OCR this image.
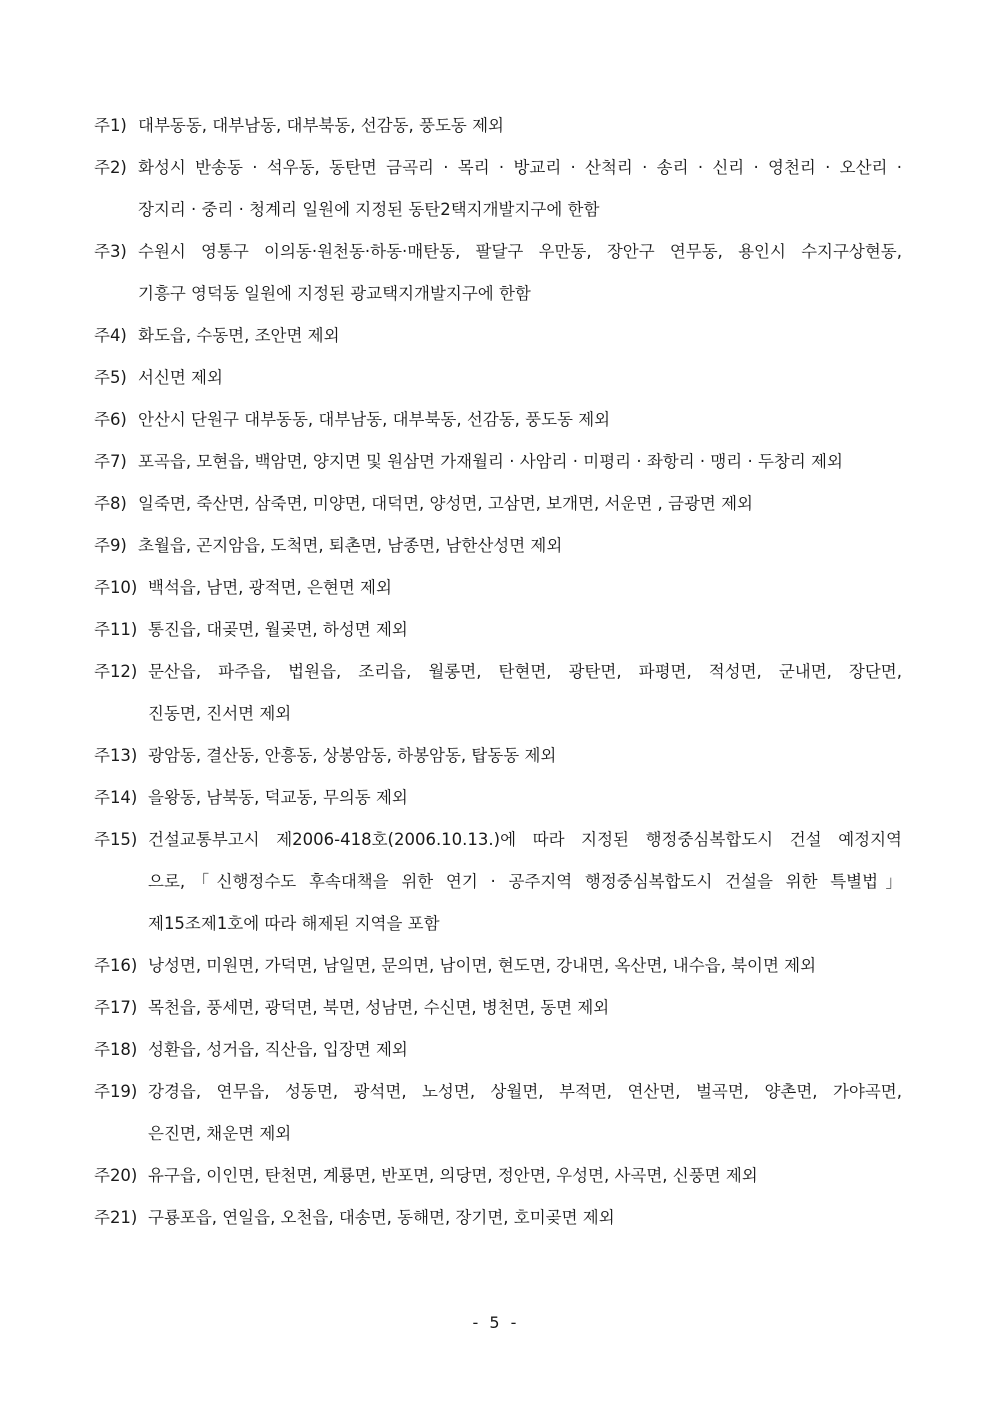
주1) 대부동동, 대부남동, 대부북동, 선감동, 풍도동 제외
주2) 화성시 반송동 · 석우동, 동탄면 금곡리 · 목리 · 방교리 · 산척리 · 송리 · 신리 · 영천리 · 오산리 ·
장지리 · 중리 · 청계리 일원에 지정된 동탄2택지개발지구에 한함
주3) 수원시 영통구 이의동·원천동·하동·매탄동, 팔달구 우만동, 장안구 연무동, 용인시 수지구상현동,
기흥구 영덕동 일원에 지정된 광교택지개발지구에 한함
주4) 화도읍, 수동면, 조안면 제외
주5) 서신면 제외
주6) 안산시 단원구 대부동동, 대부남동, 대부북동, 선감동, 풍도동 제외
주7) 포곡읍, 모현읍, 백암면, 양지면 및 원삼면 가재월리 · 사암리 · 미평리 · 좌항리 · 맹리 · 두창리 제외
주8) 일죽면, 죽산면, 삼죽면, 미양면, 대덕면, 양성면, 고삼면, 보개면, 서운면 , 금광면 제외
주9) 초월읍, 곤지암읍, 도척면, 퇴촌면, 남종면, 남한산성면 제외
주10) 백석읍, 남면, 광적면, 은현면 제외
주11) 통진읍, 대곶면, 월곶면, 하성면 제외
주12) 문산읍, 파주읍, 법원읍, 조리읍, 월롱면, 탄현면, 광탄면, 파평면, 적성면, 군내면, 장단면,
진동면, 진서면 제외
주13) 광암동, 결산동, 안흥동, 상봉암동, 하봉암동, 탑동동 제외
주14) 을왕동, 남북동, 덕교동, 무의동 제외
주15) 건설교통부고시 제2006-418호(2006.10.13.)에 따라 지정된 행정중심복합도시 건설 예정지역
으로,「신행정수도 후속대책을 위한 연기 · 공주지역 행정중심복합도시 건설을 위한 특별법」
제15조제1호에 따라 해제된 지역을 포함
주16) 낭성면, 미원면, 가덕면, 남일면, 문의면, 남이면, 현도면, 강내면, 옥산면, 내수읍, 북이면 제외
주17) 목천읍, 풍세면, 광덕면, 북면, 성남면, 수신면, 병천면, 동면 제외
주18) 성환읍, 성거읍, 직산읍, 입장면 제외
주19) 강경읍, 연무읍, 성동면, 광석면, 노성면, 상월면, 부적면, 연산면, 벌곡면, 양촌면, 가야곡면,
은진면, 채운면 제외
주20) 유구읍, 이인면, 탄천면, 계룡면, 반포면, 의당면, 정안면, 우성면, 사곡면, 신풍면 제외
주21) 구룡포읍, 연일읍, 오천읍, 대송면, 동해면, 장기면, 호미곶면 제외
- 5 -
